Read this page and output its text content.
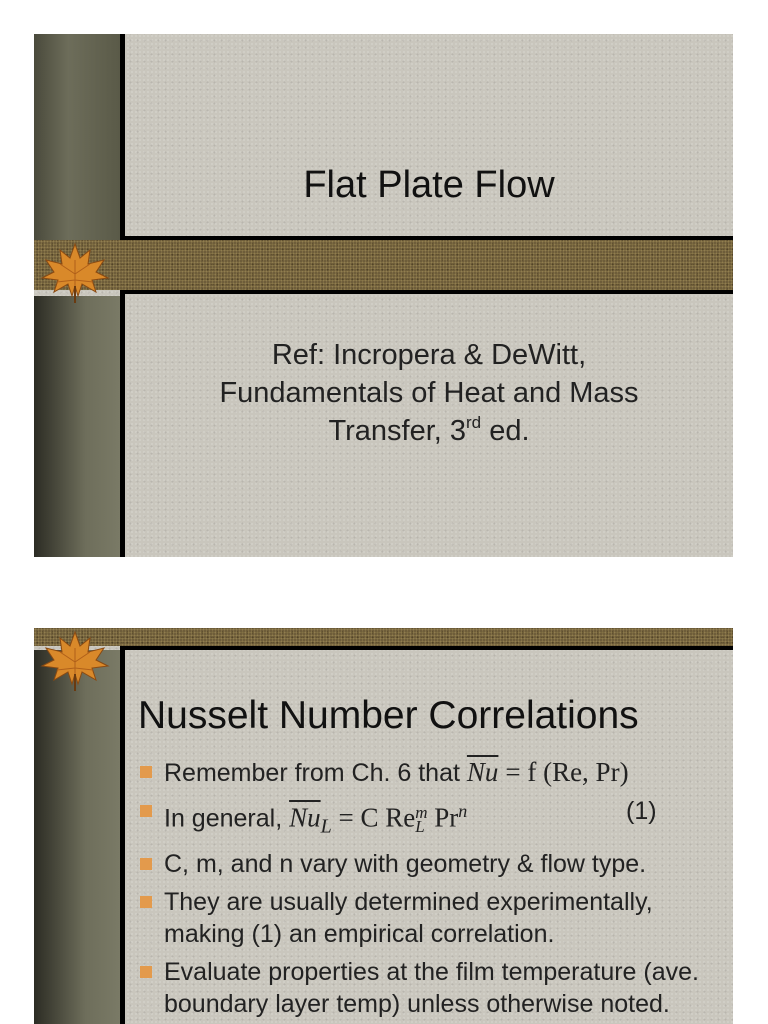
Flat Plate Flow
Ref: Incropera & DeWitt,
Fundamentals of Heat and Mass
Transfer, 3rd ed.
Nusselt Number Correlations
Remember from Ch. 6 that $\overline{Nu} = f$ (Re, Pr)
In general, $\overline{Nu}_L = C$ Re m
L Pr$^n$	(1)
C, m, and n vary with geometry & flow type.
They are usually determined experimentally, making (1) an empirical correlation.
Evaluate properties at the film temperature (ave. boundary layer temp) unless otherwise noted.
